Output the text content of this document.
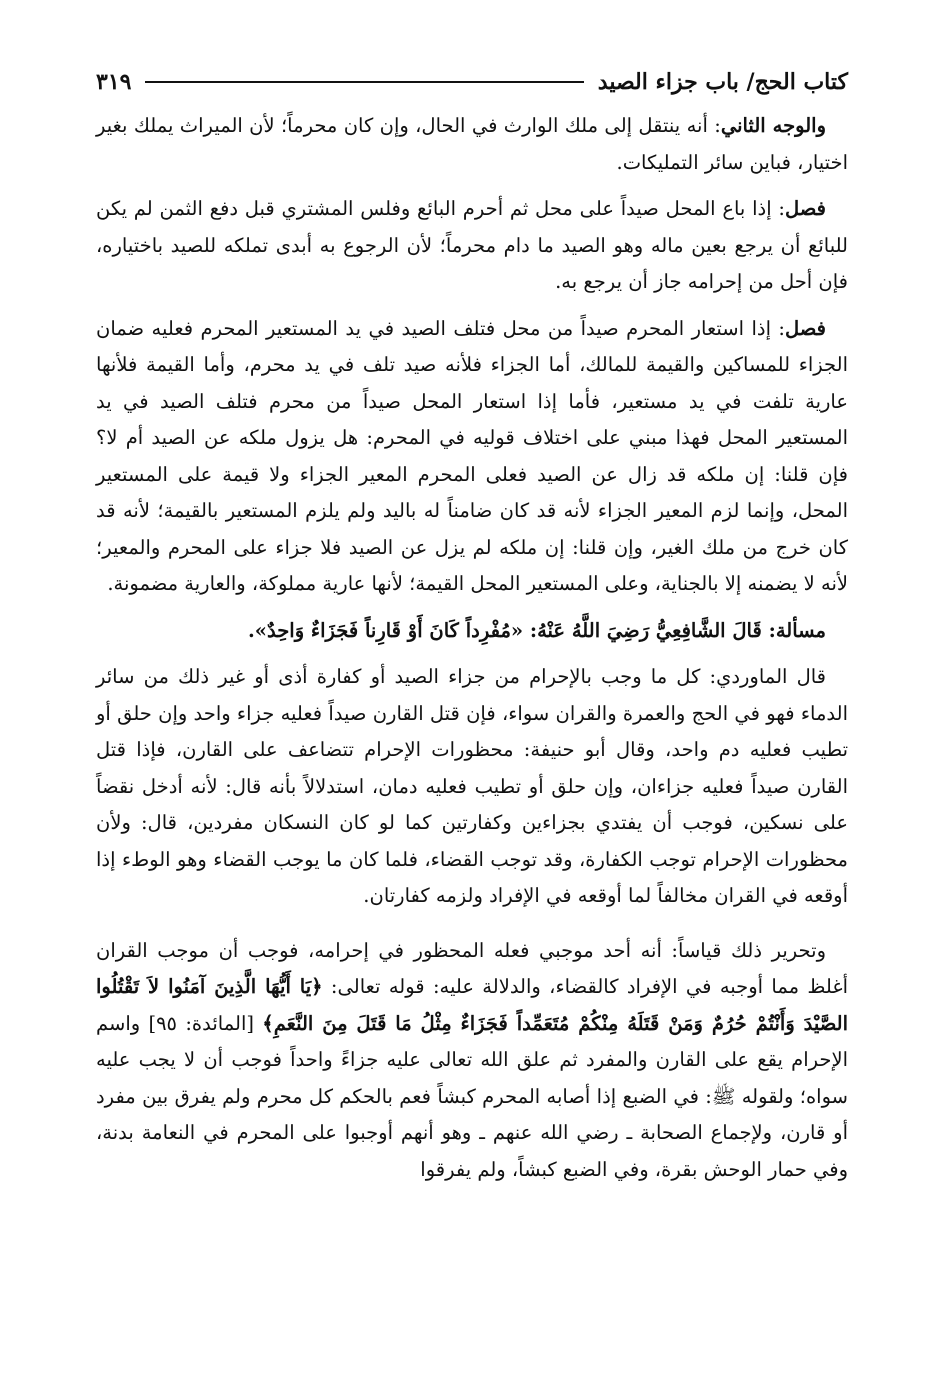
كتاب الحج/ باب جزاء الصيد
٣١٩

والوجه الثاني: أنه ينتقل إلى ملك الوارث في الحال، وإن كان محرماً؛ لأن الميراث يملك بغير اختيار، فباين سائر التمليكات.

فصل: إذا باع المحل صيداً على محل ثم أحرم البائع وفلس المشتري قبل دفع الثمن لم يكن للبائع أن يرجع بعين ماله وهو الصيد ما دام محرماً؛ لأن الرجوع به أبدى تملكه للصيد باختياره، فإن أحل من إحرامه جاز أن يرجع به.

فصل: إذا استعار المحرم صيداً من محل فتلف الصيد في يد المستعير المحرم فعليه ضمان الجزاء للمساكين والقيمة للمالك، أما الجزاء فلأنه صيد تلف في يد محرم، وأما القيمة فلأنها عارية تلفت في يد مستعير، فأما إذا استعار المحل صيداً من محرم فتلف الصيد في يد المستعير المحل فهذا مبني على اختلاف قوليه في المحرم: هل يزول ملكه عن الصيد أم لا؟ فإن قلنا: إن ملكه قد زال عن الصيد فعلى المحرم المعير الجزاء ولا قيمة على المستعير المحل، وإنما لزم المعير الجزاء لأنه قد كان ضامناً له باليد ولم يلزم المستعير بالقيمة؛ لأنه قد كان خرج من ملك الغير، وإن قلنا: إن ملكه لم يزل عن الصيد فلا جزاء على المحرم والمعير؛ لأنه لا يضمنه إلا بالجناية، وعلى المستعير المحل القيمة؛ لأنها عارية مملوكة، والعارية مضمونة.

مسألة: قَالَ الشَّافِعِيُّ رَضِيَ اللَّهُ عَنْهُ: «مُفْرِداً كَانَ أَوْ قَارِناً فَجَزَاءٌ وَاحِدٌ».

قال الماوردي: كل ما وجب بالإحرام من جزاء الصيد أو كفارة أذى أو غير ذلك من سائر الدماء فهو في الحج والعمرة والقران سواء، فإن قتل القارن صيداً فعليه جزاء واحد وإن حلق أو تطيب فعليه دم واحد، وقال أبو حنيفة: محظورات الإحرام تتضاعف على القارن، فإذا قتل القارن صيداً فعليه جزاءان، وإن حلق أو تطيب فعليه دمان، استدلالاً بأنه قال: لأنه أدخل نقضاً على نسكين، فوجب أن يفتدي بجزاءين وكفارتين كما لو كان النسكان مفردين، قال: ولأن محظورات الإحرام توجب الكفارة، وقد توجب القضاء، فلما كان ما يوجب القضاء وهو الوطء إذا أوقعه في القران مخالفاً لما أوقعه في الإفراد ولزمه كفارتان.

وتحرير ذلك قياساً: أنه أحد موجبي فعله المحظور في إحرامه، فوجب أن موجب القران أغلظ مما أوجبه في الإفراد كالقضاء، والدلالة عليه: قوله تعالى: ﴿يَا أَيُّهَا الَّذِينَ آمَنُوا لاَ تَقْتُلُوا الصَّيْدَ وَأَنْتُمْ حُرُمٌ وَمَنْ قَتَلَهُ مِنْكُمْ مُتَعَمِّداً فَجَزَاءٌ مِثْلُ مَا قَتَلَ مِنَ النَّعَمِ﴾ [المائدة: ٩٥] واسم الإحرام يقع على القارن والمفرد ثم علق الله تعالى عليه جزاءً واحداً فوجب أن لا يجب عليه سواه؛ ولقوله ﷺ: في الضبع إذا أصابه المحرم كبشاً فعم بالحكم كل محرم ولم يفرق بين مفرد أو قارن، ولإجماع الصحابة ـ رضي الله عنهم ـ وهو أنهم أوجبوا على المحرم في النعامة بدنة، وفي حمار الوحش بقرة، وفي الضبع كبشاً، ولم يفرقوا
